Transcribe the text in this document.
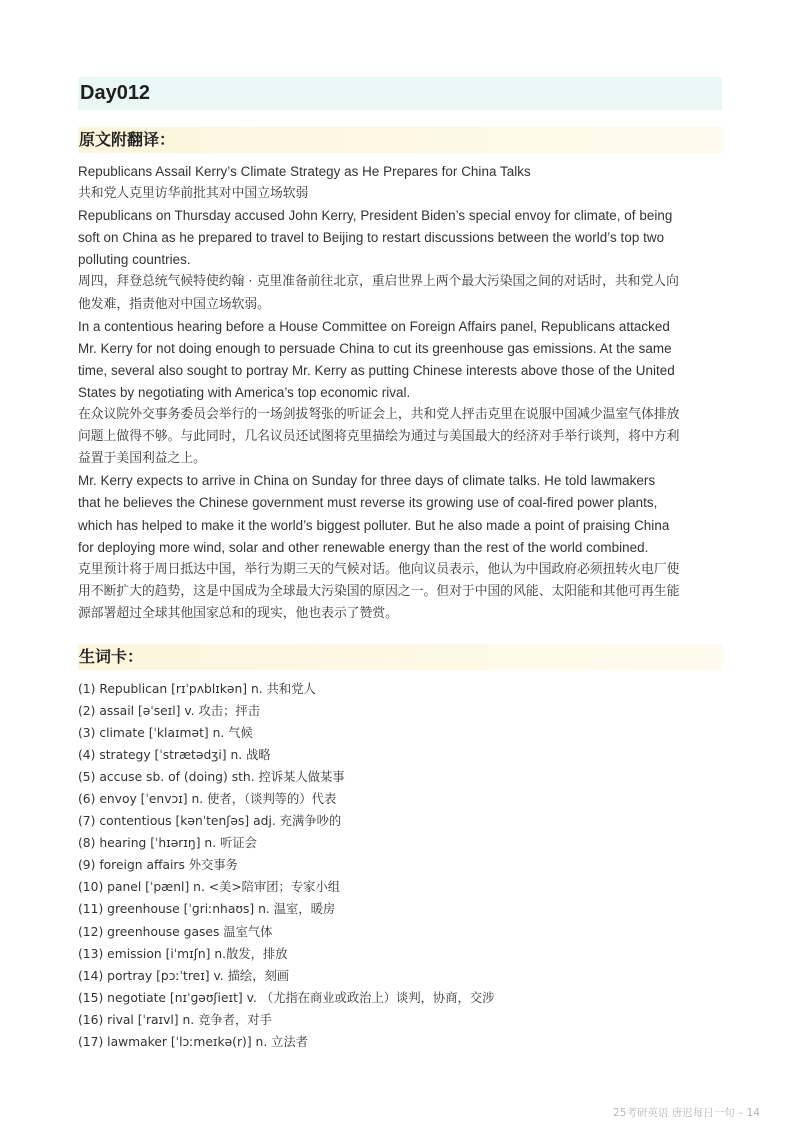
Day012
原文附翻译：
Republicans Assail Kerry’s Climate Strategy as He Prepares for China Talks
共和党人克里访华前批其对中国立场软弱
Republicans on Thursday accused John Kerry, President Biden’s special envoy for climate, of being
soft on China as he prepared to travel to Beijing to restart discussions between the world’s top two
polluting countries.
周四，拜登总统气候特使约翰 · 克里准备前往北京，重启世界上两个最大污染国之间的对话时，共和党人向
他发难，指责他对中国立场软弱。
In a contentious hearing before a House Committee on Foreign Affairs panel, Republicans attacked
Mr. Kerry for not doing enough to persuade China to cut its greenhouse gas emissions. At the same
time, several also sought to portray Mr. Kerry as putting Chinese interests above those of the United
States by negotiating with America’s top economic rival.
在众议院外交事务委员会举行的一场剑拔弩张的听证会上，共和党人抨击克里在说服中国减少温室气体排放
问题上做得不够。与此同时，几名议员还试图将克里描绘为通过与美国最大的经济对手举行谈判，将中方利
益置于美国利益之上。
Mr. Kerry expects to arrive in China on Sunday for three days of climate talks. He told lawmakers
that he believes the Chinese government must reverse its growing use of coal-fired power plants,
which has helped to make it the world’s biggest polluter. But he also made a point of praising China
for deploying more wind, solar and other renewable energy than the rest of the world combined.
克里预计将于周日抵达中国，举行为期三天的气候对话。他向议员表示，他认为中国政府必须扭转火电厂使
用不断扩大的趋势，这是中国成为全球最大污染国的原因之一。但对于中国的风能、太阳能和其他可再生能
源部署超过全球其他国家总和的现实，他也表示了赞赏。
生词卡：
(1) Republican [rɪˈpʌblɪkən] n. 共和党人
(2) assail [əˈseɪl] v. 攻击；抨击
(3) climate [ˈklaɪmət] n. 气候
(4) strategy [ˈstrætədʒi] n. 战略
(5) accuse sb. of (doing) sth. 控诉某人做某事
(6) envoy [ˈenvɔɪ] n. 使者，（谈判等的）代表
(7) contentious [kənˈtenʃəs] adj. 充满争吵的
(8) hearing [ˈhɪərɪŋ] n. 听证会
(9) foreign affairs 外交事务
(10) panel [ˈpænl] n. <美>陪审团；专家小组
(11) greenhouse [ˈɡriːnhaʊs] n. 温室，暖房
(12) greenhouse gases 温室气体
(13) emission [iˈmɪʃn] n.散发，排放
(14) portray [pɔːˈtreɪ] v. 描绘，刻画
(15) negotiate [nɪˈɡəʊʃieɪt] v. （尤指在商业或政治上）谈判，协商，交涉
(16) rival [ˈraɪvl] n. 竞争者，对手
(17) lawmaker [ˈlɔːmeɪkə(r)] n. 立法者
25考研英语 唐迟每日一句 – 14
